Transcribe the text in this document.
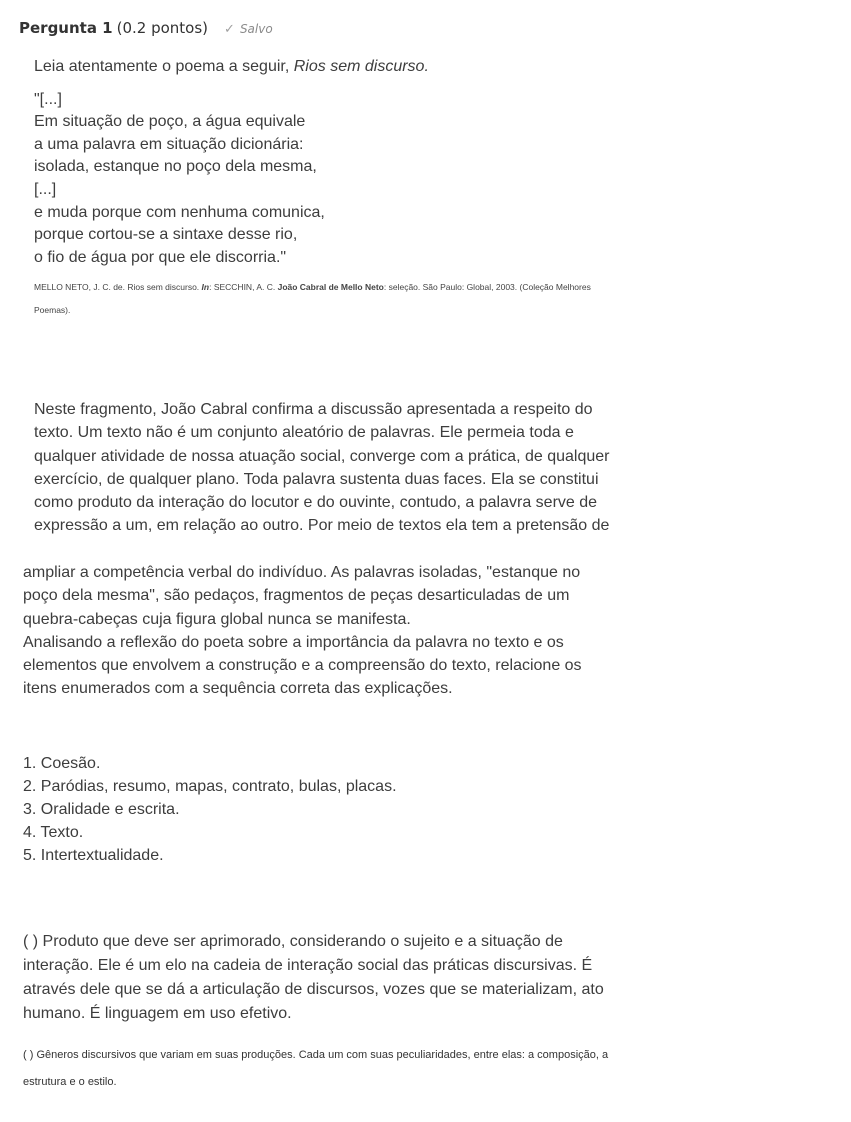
Pergunta 1 (0.2 pontos) ✓ Salvo
Leia atentamente o poema a seguir, Rios sem discurso.
"[...]
Em situação de poço, a água equivale
a uma palavra em situação dicionária:
isolada, estanque no poço dela mesma,
[...]
e muda porque com nenhuma comunica,
porque cortou-se a sintaxe desse rio,
o fio de água por que ele discorria."
MELLO NETO, J. C. de. Rios sem discurso. In: SECCHIN, A. C. João Cabral de Mello Neto: seleção. São Paulo: Global, 2003. (Coleção Melhores
Poemas).
Neste fragmento, João Cabral confirma a discussão apresentada a respeito do
texto. Um texto não é um conjunto aleatório de palavras. Ele permeia toda e
qualquer atividade de nossa atuação social, converge com a prática, de qualquer
exercício, de qualquer plano. Toda palavra sustenta duas faces. Ela se constitui
como produto da interação do locutor e do ouvinte, contudo, a palavra serve de
expressão a um, em relação ao outro. Por meio de textos ela tem a pretensão de
ampliar a competência verbal do indivíduo. As palavras isoladas, "estanque no
poço dela mesma", são pedaços, fragmentos de peças desarticuladas de um
quebra-cabeças cuja figura global nunca se manifesta.
Analisando a reflexão do poeta sobre a importância da palavra no texto e os
elementos que envolvem a construção e a compreensão do texto, relacione os
itens enumerados com a sequência correta das explicações.
1. Coesão.
2. Paródias, resumo, mapas, contrato, bulas, placas.
3. Oralidade e escrita.
4. Texto.
5. Intertextualidade.
( ) Produto que deve ser aprimorado, considerando o sujeito e a situação de
interação. Ele é um elo na cadeia de interação social das práticas discursivas. É
através dele que se dá a articulação de discursos, vozes que se materializam, ato
humano. É linguagem em uso efetivo.
( ) Gêneros discursivos que variam em suas produções. Cada um com suas peculiaridades, entre elas: a composição, a
estrutura e o estilo.
